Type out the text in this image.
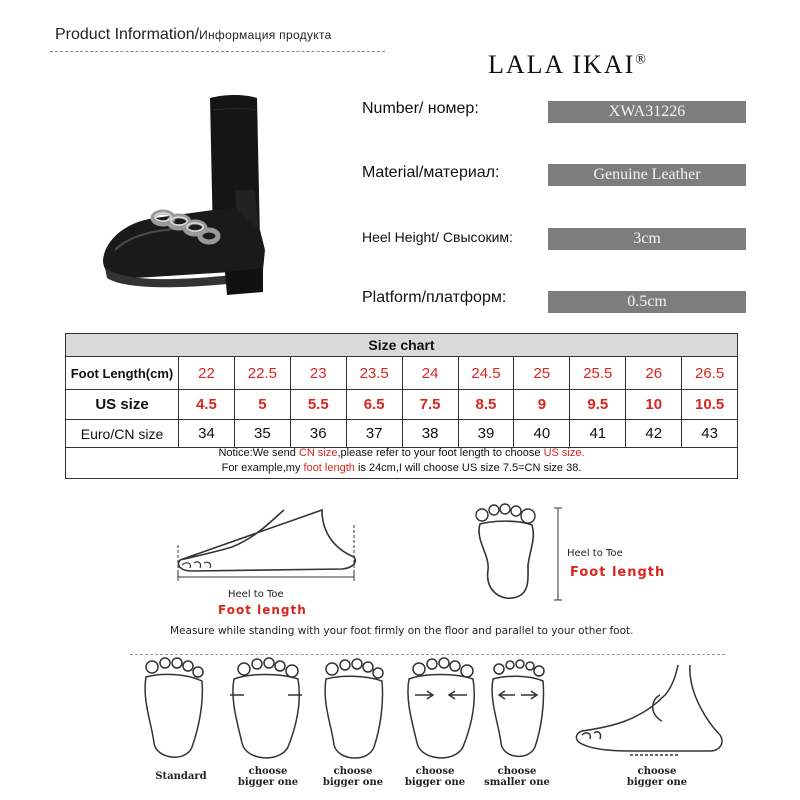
Product Information/Информация продукта
LALA IKAI®
Number/ номер:	XWA31226
Material/материал:	Genuine Leather
Heel Height/ Свысоким:	3cm
Platform/платформ:	0.5cm
Size chart
Foot Length(cm)	22	22.5	23	23.5	24	24.5	25	25.5	26	26.5
US size	4.5	5	5.5	6.5	7.5	8.5	9	9.5	10	10.5
Euro/CN size	34	35	36	37	38	39	40	41	42	43
Notice:We send CN size,please refer to your foot length to choose US size.
For example,my foot length is 24cm,I will choose US size 7.5=CN size 38.
Heel to Toe
Foot length
Heel to Toe
Foot length
Measure while standing with your foot firmly on the floor and parallel to your other foot.
Standard	choose
bigger one
choose
bigger one
choose
bigger one
choose
smaller one
choose
bigger one
